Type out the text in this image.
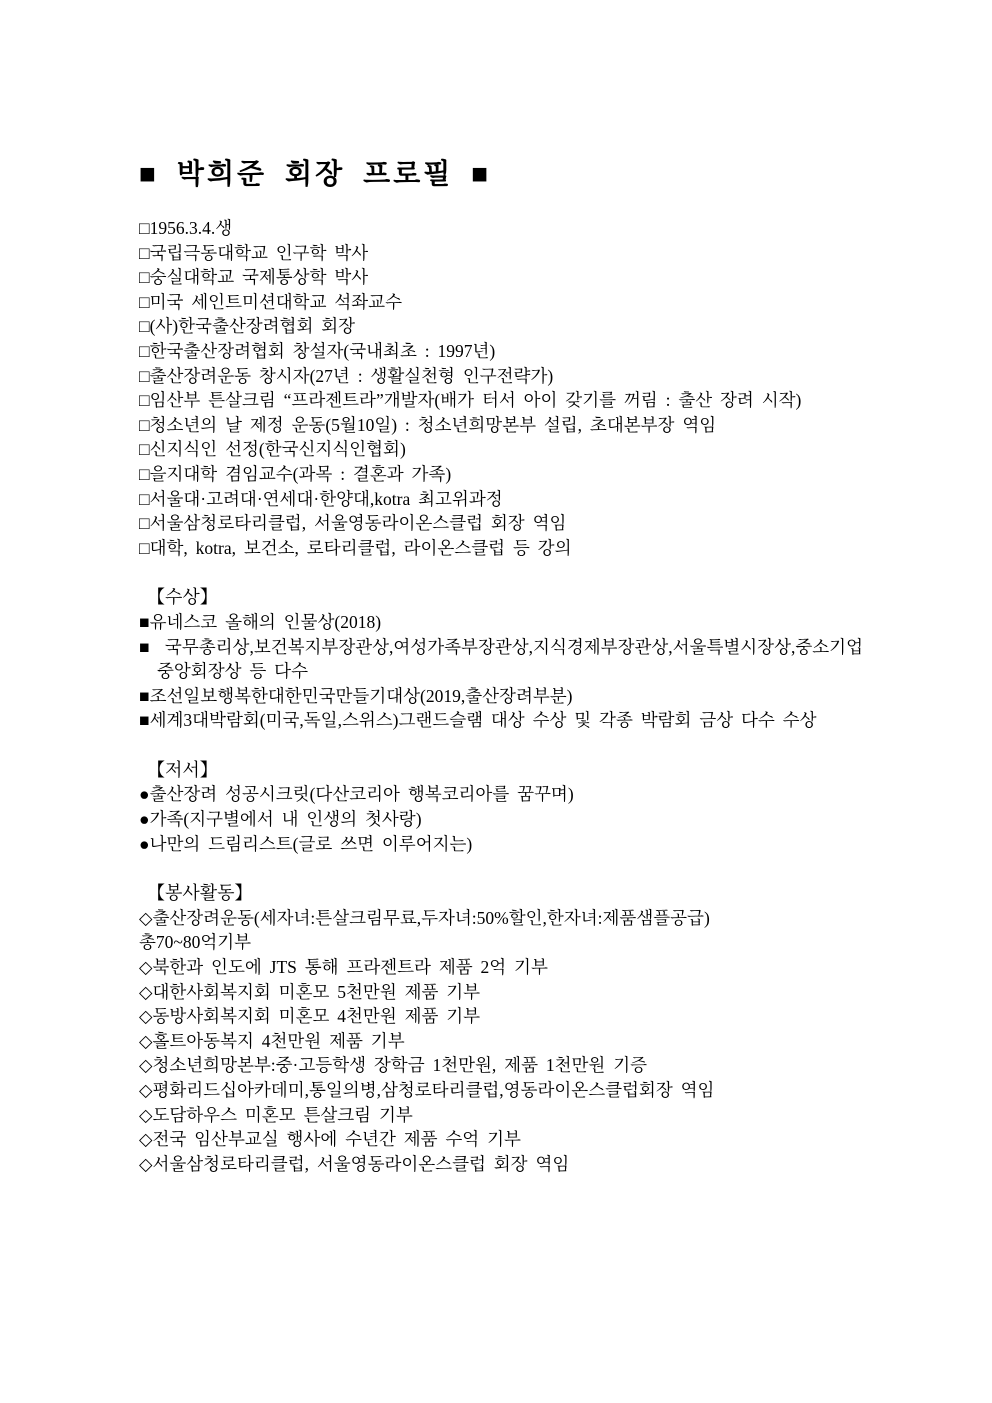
■ 박희준 회장 프로필 ■
□1956.3.4.생
□국립극동대학교 인구학 박사
□숭실대학교 국제통상학 박사
□미국 세인트미션대학교 석좌교수
□(사)한국출산장려협회 회장
□한국출산장려협회 창설자(국내최초 : 1997년)
□출산장려운동 창시자(27년 : 생활실천형 인구전략가)
□임산부 튼살크림 “프라젠트라”개발자(배가 터서 아이 갖기를 꺼림 : 출산 장려 시작)
□청소년의 날 제정 운동(5월10일) : 청소년희망본부 설립, 초대본부장 역임
□신지식인 선정(한국신지식인협회)
□을지대학 겸임교수(과목 : 결혼과 가족)
□서울대·고려대·연세대·한양대,kotra 최고위과정
□서울삼청로타리클럽, 서울영동라이온스클럽 회장 역임
□대학, kotra, 보건소, 로타리클럽, 라이온스클럽 등 강의
【수상】
■유네스코 올해의 인물상(2018)
■국무총리상,보건복지부장관상,여성가족부장관상,지식경제부장관상,서울특별시장상,중소기업중앙회장상 등 다수
■조선일보행복한대한민국만들기대상(2019,출산장려부분)
■세계3대박람회(미국,독일,스위스)그랜드슬램 대상 수상 및 각종 박람회 금상 다수 수상
【저서】
●출산장려 성공시크릿(다산코리아 행복코리아를 꿈꾸며)
●가족(지구별에서 내 인생의 첫사랑)
●나만의 드림리스트(글로 쓰면 이루어지는)
【봉사활동】
◇출산장려운동(세자녀:튼살크림무료,두자녀:50%할인,한자녀:제품샘플공급)
총70~80억기부
◇북한과 인도에 JTS 통해 프라젠트라 제품 2억 기부
◇대한사회복지회 미혼모 5천만원 제품 기부
◇동방사회복지회 미혼모 4천만원 제품 기부
◇홀트아동복지 4천만원 제품 기부
◇청소년희망본부:중·고등학생 장학금 1천만원, 제품 1천만원 기증
◇평화리드십아카데미,통일의병,삼청로타리클럽,영동라이온스클럽회장 역임
◇도담하우스 미혼모 튼살크림 기부
◇전국 임산부교실 행사에 수년간 제품 수억 기부
◇서울삼청로타리클럽, 서울영동라이온스클럽 회장 역임
